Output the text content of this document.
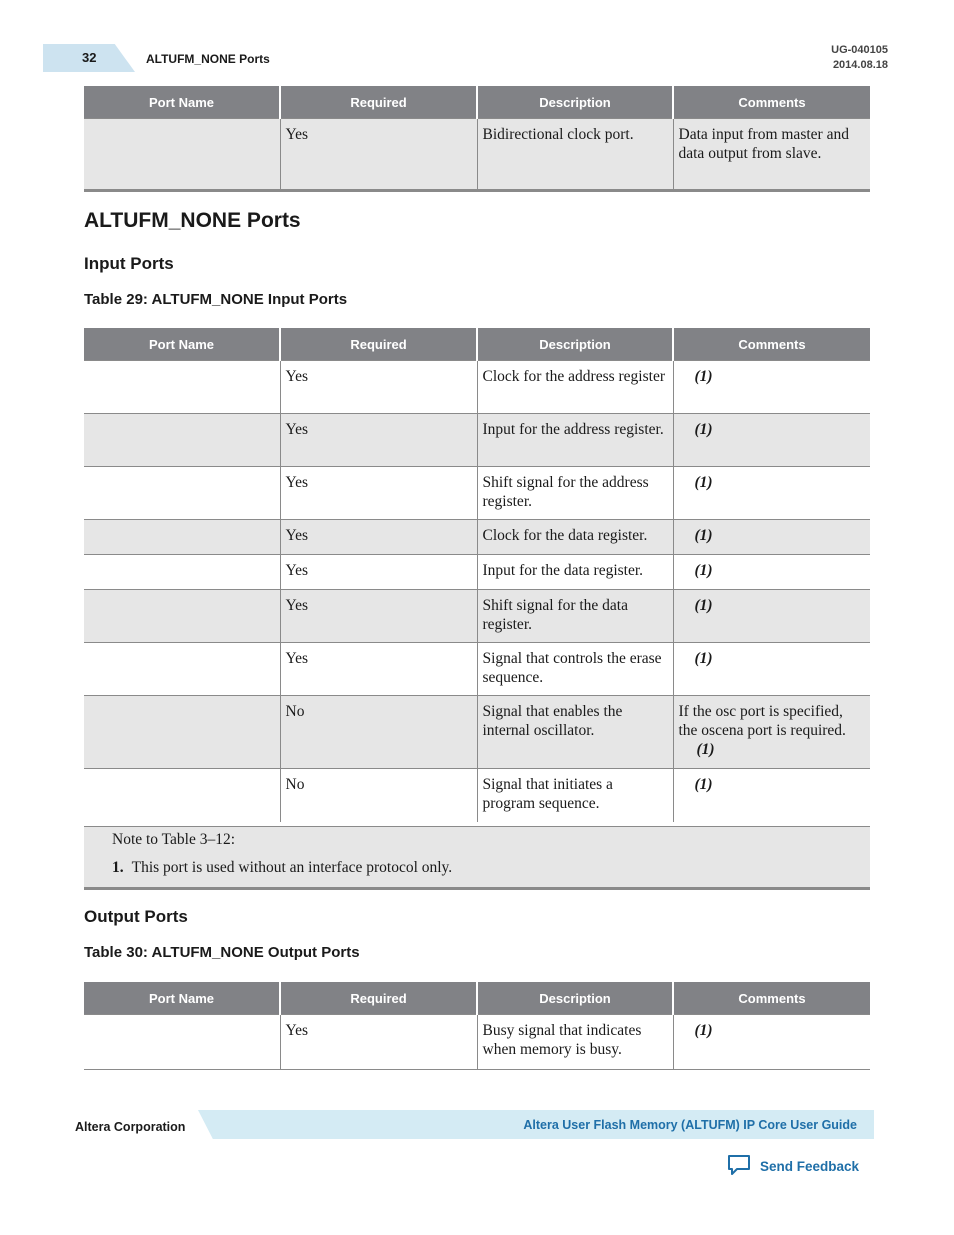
32	ALTUFM_NONE Ports
UG-040105
2014.08.18
Port Name	Required	Description	Comments
	Yes	Bidirectional clock port.	Data input from master and data output from slave.
ALTUFM_NONE Ports
Input Ports
Table 29: ALTUFM_NONE Input Ports
Port Name	Required	Description	Comments
	Yes	Clock for the address register	(1)
	Yes	Input for the address register.	(1)
	Yes	Shift signal for the address register.	(1)
	Yes	Clock for the data register.	(1)
	Yes	Input for the data register.	(1)
	Yes	Shift signal for the data register.	(1)
	Yes	Signal that controls the erase sequence.	(1)
	No	Signal that enables the internal oscillator.	If the osc port is specified, the oscena port is required.(1)
	No	Signal that initiates a program sequence.	(1)
Note to Table 3–12:
1. This port is used without an interface protocol only.
Output Ports
Table 30: ALTUFM_NONE Output Ports
Port Name	Required	Description	Comments
	Yes	Busy signal that indicates when memory is busy.	(1)
Altera Corporation	Altera User Flash Memory (ALTUFM) IP Core User Guide
Send Feedback
